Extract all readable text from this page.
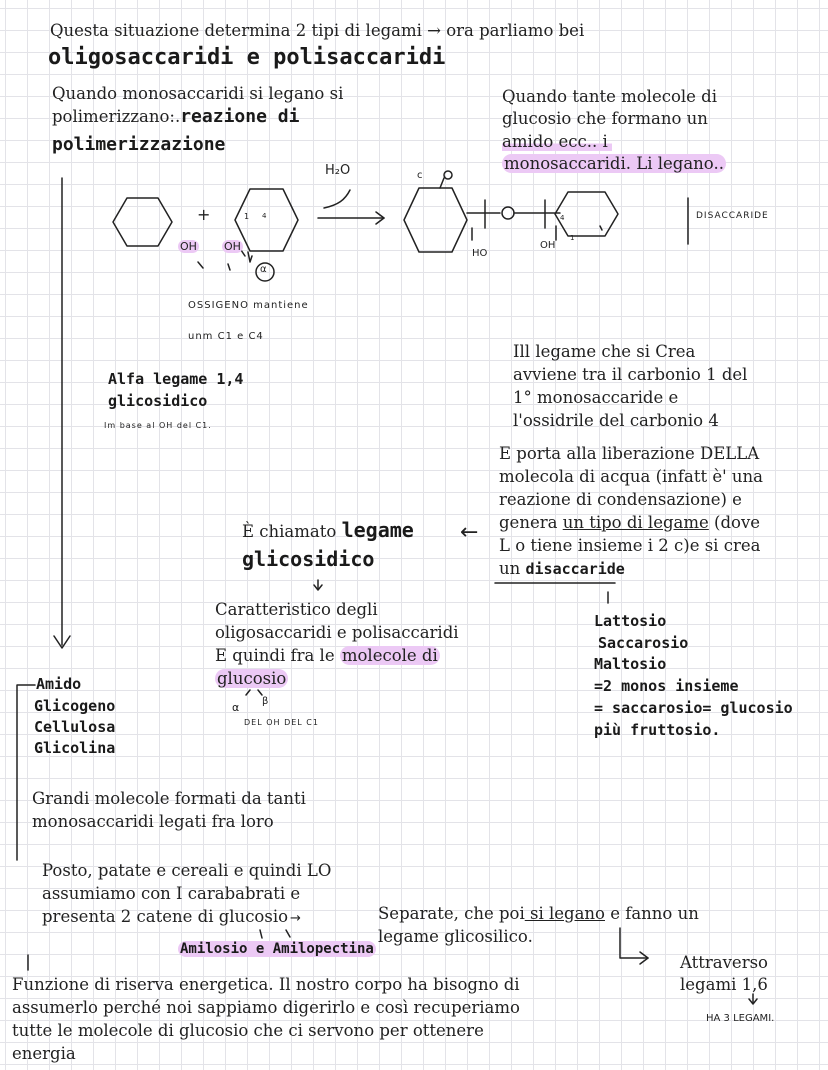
Questa situazione determina 2 tipi di legami → ora parliamo bei
oligosaccaridi e polisaccaridi
Quando monosaccaridi si legano si
polimerizzano:.reazione di
polimerizzazione
Quando tante molecole di
glucosio che formano un
amido ecc.. i
monosaccaridi. Li legano..
H₂O
+
OH OH
α
1
c
HO
OH
4
1
4	DISACCARIDE
OSSIGENO mantiene
unm C1 e C4
Alfa legame 1,4
glicosidico
Im base al OH del C1.
Ill legame che si Crea
avviene tra il carbonio 1 del
1° monosaccaride e
l'ossidrile del carbonio 4
E porta alla liberazione DELLA
molecola di acqua (infatt è' una
reazione di condensazione) e
genera un tipo di legame (dove
L o tiene insieme i 2 c)e si crea
un disaccaride
È chiamato legame
glicosidico
←
Caratteristico degli
oligosaccaridi e polisaccaridi
E quindi fra le molecole di
glucosio
α β
DEL OH DEL C1
Lattosio
Saccarosio
Maltosio
=2 monos insieme
= saccarosio= glucosio
più fruttosio.
Amido
Glicogeno
Cellulosa
Glicolina
Grandi molecole formati da tanti
monosaccaridi legati fra loro
Posto, patate e cereali e quindi LO
assumiamo con I carababrati e
presenta 2 catene di glucosio →
Amilosio e Amilopectina
Separate, che poi si legano e fanno un
legame glicosilico.
Attraverso
legami 1,6
HA 3 LEGAMI.
Funzione di riserva energetica. Il nostro corpo ha bisogno di
assumerlo perché noi sappiamo digerirlo e così recuperiamo
tutte le molecole di glucosio che ci servono per ottenere
energia
